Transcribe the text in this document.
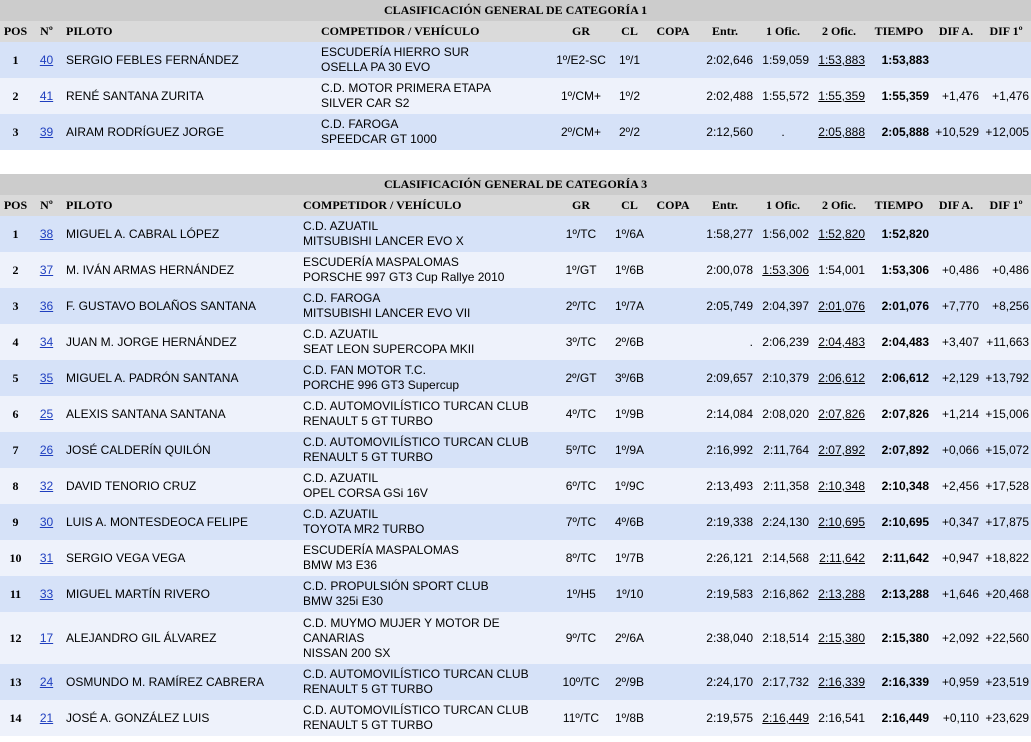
CLASIFICACIÓN GENERAL DE CATEGORÍA 1												
POS	Nº	PILOTO	COMPETIDOR / VEHÍCULO	GR	CL	COPA	Entr.	1 Ofic.	2 Ofic.	TIEMPO	DIF A.	DIF 1º
1	40	SERGIO FEBLES FERNÁNDEZ	ESCUDERÍA HIERRO SUR
OSELLA PA 30 EVO	1º/E2-SC	1º/1		2:02,646	1:59,059	1:53,883	1:53,883		
2	41	RENÉ SANTANA ZURITA	C.D. MOTOR PRIMERA ETAPA
SILVER CAR S2	1º/CM+	1º/2		2:02,488	1:55,572	1:55,359	1:55,359	+1,476	+1,476
3	39	AIRAM RODRÍGUEZ JORGE	C.D. FAROGA
SPEEDCAR GT 1000	2º/CM+	2º/2		2:12,560	.	2:05,888	2:05,888	+10,529	+12,005
CLASIFICACIÓN GENERAL DE CATEGORÍA 3												
POS	Nº	PILOTO	COMPETIDOR / VEHÍCULO	GR	CL	COPA	Entr.	1 Ofic.	2 Ofic.	TIEMPO	DIF A.	DIF 1º
1	38	MIGUEL A. CABRAL LÓPEZ	C.D. AZUATIL
MITSUBISHI LANCER EVO X	1º/TC	1º/6A		1:58,277	1:56,002	1:52,820	1:52,820		
2	37	M. IVÁN ARMAS HERNÁNDEZ	ESCUDERÍA MASPALOMAS
PORSCHE 997 GT3 Cup Rallye 2010	1º/GT	1º/6B		2:00,078	1:53,306	1:54,001	1:53,306	+0,486	+0,486
3	36	F. GUSTAVO BOLAÑOS SANTANA	C.D. FAROGA
MITSUBISHI LANCER EVO VII	2º/TC	1º/7A		2:05,749	2:04,397	2:01,076	2:01,076	+7,770	+8,256
4	34	JUAN M. JORGE HERNÁNDEZ	C.D. AZUATIL
SEAT LEON SUPERCOPA MKII	3º/TC	2º/6B		.	2:06,239	2:04,483	2:04,483	+3,407	+11,663
5	35	MIGUEL A. PADRÓN SANTANA	C.D. FAN MOTOR T.C.
PORCHE 996 GT3 Supercup	2º/GT	3º/6B		2:09,657	2:10,379	2:06,612	2:06,612	+2,129	+13,792
6	25	ALEXIS SANTANA SANTANA	C.D. AUTOMOVILÍSTICO TURCAN CLUB
RENAULT 5 GT TURBO	4º/TC	1º/9B		2:14,084	2:08,020	2:07,826	2:07,826	+1,214	+15,006
7	26	JOSÉ CALDERÍN QUILÓN	C.D. AUTOMOVILÍSTICO TURCAN CLUB
RENAULT 5 GT TURBO	5º/TC	1º/9A		2:16,992	2:11,764	2:07,892	2:07,892	+0,066	+15,072
8	32	DAVID TENORIO CRUZ	C.D. AZUATIL
OPEL CORSA GSi 16V	6º/TC	1º/9C		2:13,493	2:11,358	2:10,348	2:10,348	+2,456	+17,528
9	30	LUIS A. MONTESDEOCA FELIPE	C.D. AZUATIL
TOYOTA MR2 TURBO	7º/TC	4º/6B		2:19,338	2:24,130	2:10,695	2:10,695	+0,347	+17,875
10	31	SERGIO VEGA VEGA	ESCUDERÍA MASPALOMAS
BMW M3 E36	8º/TC	1º/7B		2:26,121	2:14,568	2:11,642	2:11,642	+0,947	+18,822
11	33	MIGUEL MARTÍN RIVERO	C.D. PROPULSIÓN SPORT CLUB
BMW 325i E30	1º/H5	1º/10		2:19,583	2:16,862	2:13,288	2:13,288	+1,646	+20,468
12	17	ALEJANDRO GIL ÁLVAREZ	C.D. MUYMO MUJER Y MOTOR DE
CANARIAS
NISSAN 200 SX	9º/TC	2º/6A		2:38,040	2:18,514	2:15,380	2:15,380	+2,092	+22,560
13	24	OSMUNDO M. RAMÍREZ CABRERA	C.D. AUTOMOVILÍSTICO TURCAN CLUB
RENAULT 5 GT TURBO	10º/TC	2º/9B		2:24,170	2:17,732	2:16,339	2:16,339	+0,959	+23,519
14	21	JOSÉ A. GONZÁLEZ LUIS	C.D. AUTOMOVILÍSTICO TURCAN CLUB
RENAULT 5 GT TURBO	11º/TC	1º/8B		2:19,575	2:16,449	2:16,541	2:16,449	+0,110	+23,629
